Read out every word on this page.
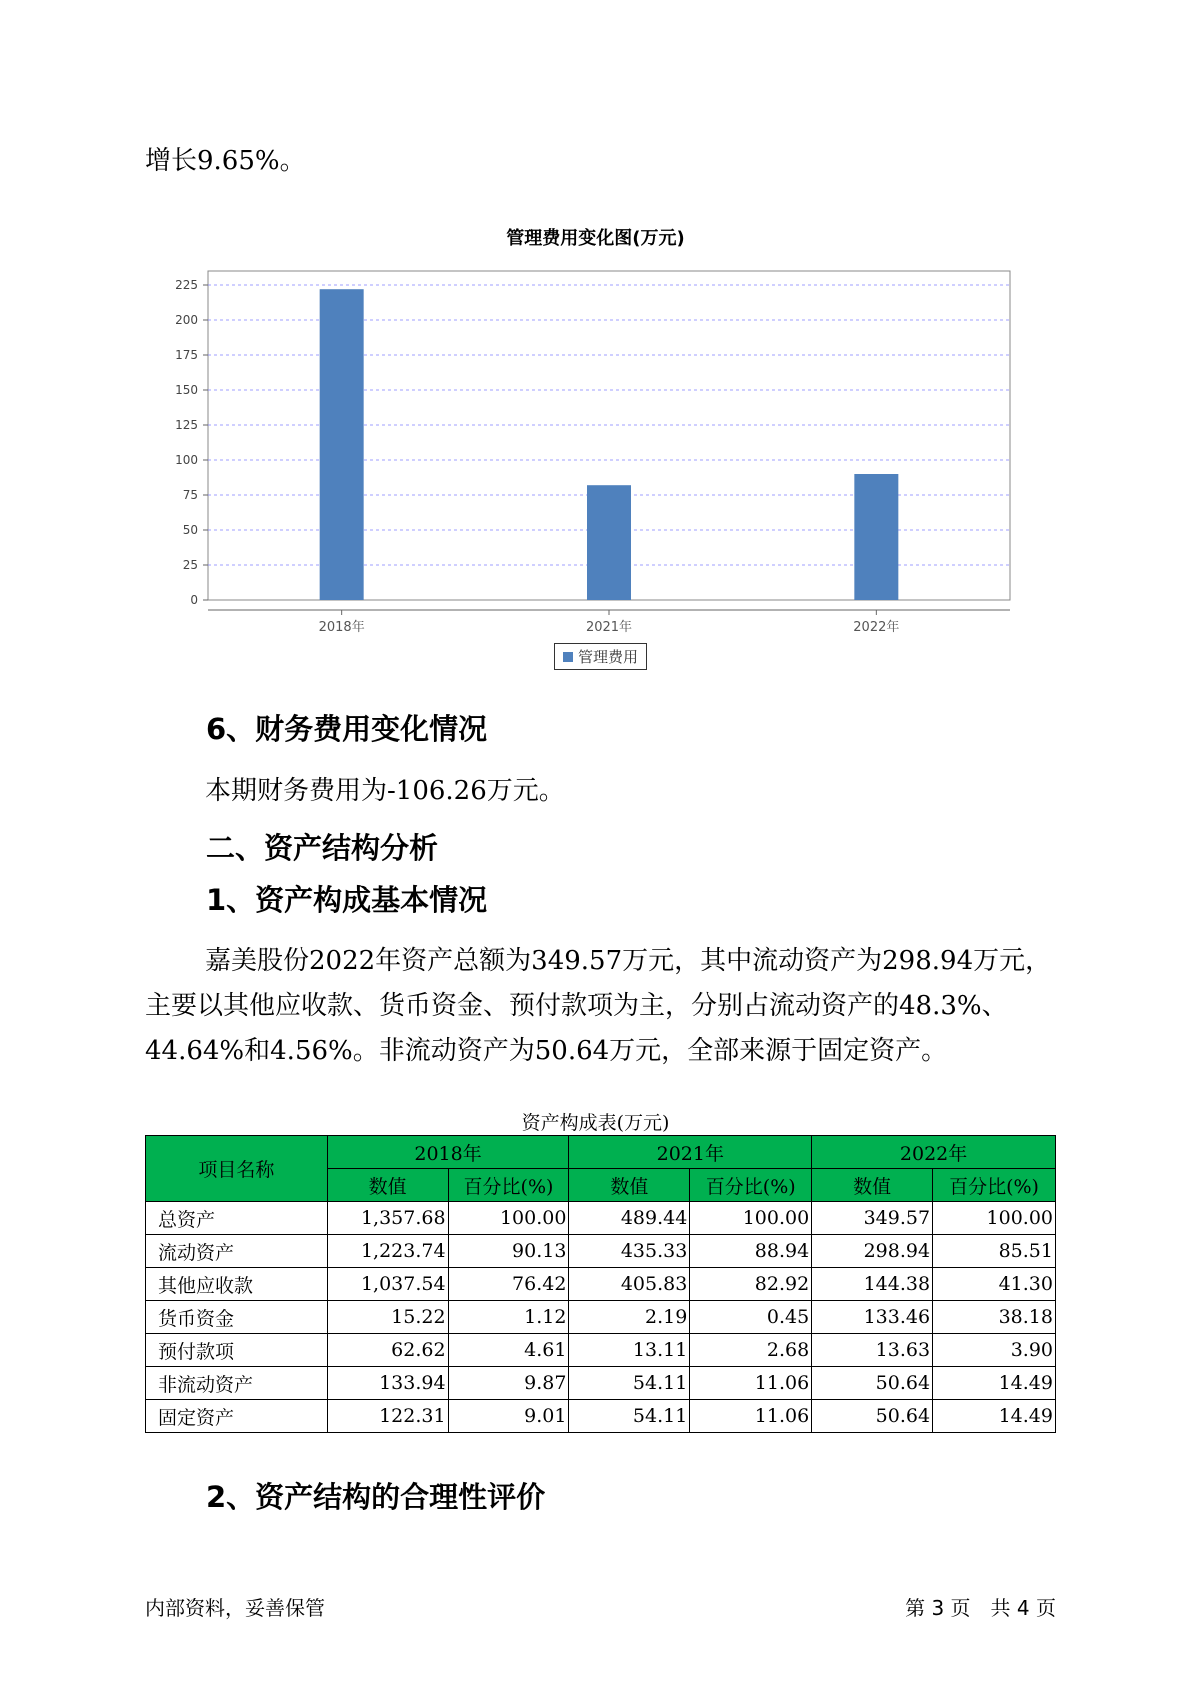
增长9.65%。

管理费用变化图(万元)
0
25
50
75
100
125
150
175
200
225
2018年	2021年	2022年
管理费用
6、财务费用变化情况

本期财务费用为-106.26万元。

二、资产结构分析
1、资产构成基本情况

嘉美股份2022年资产总额为349.57万元，其中流动资产为298.94万元，

主要以其他应收款、货币资金、预付款项为主，分别占流动资产的48.3%、

44.64%和4.56%。非流动资产为50.64万元，全部来源于固定资产。

资产构成表(万元)
项目名称	2018年		2021年		2022年	
	数值	百分比(%)	数值	百分比(%)	数值	百分比(%)
总资产	1,357.68	100.00	489.44	100.00	349.57	100.00
流动资产	1,223.74	90.13	435.33	88.94	298.94	85.51
其他应收款	1,037.54	76.42	405.83	82.92	144.38	41.30
货币资金	15.22	1.12	2.19	0.45	133.46	38.18
预付款项	62.62	4.61	13.11	2.68	13.63	3.90
非流动资产	133.94	9.87	54.11	11.06	50.64	14.49
固定资产	122.31	9.01	54.11	11.06	50.64	14.49
2、资产结构的合理性评价
内部资料，妥善保管	第 3 页　共 4 页
